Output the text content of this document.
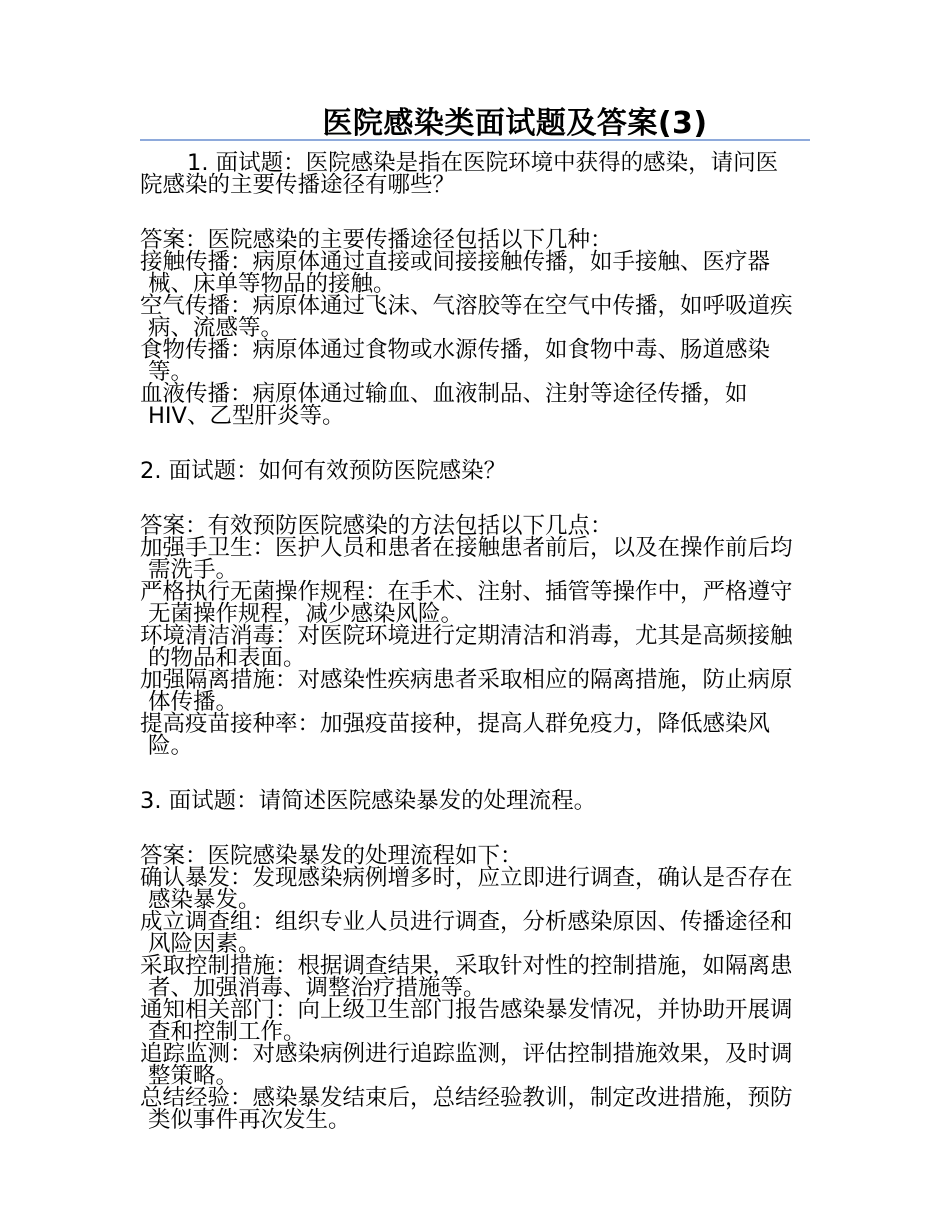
医院感染类面试题及答案(3)

1. 面试题：医院感染是指在医院环境中获得的感染，请问医院感染的主要传播途径有哪些？

答案：医院感染的主要传播途径包括以下几种：

接触传播：病原体通过直接或间接接触传播，如手接触、医疗器械、床单等物品的接触。

空气传播：病原体通过飞沫、气溶胶等在空气中传播，如呼吸道疾病、流感等。

食物传播：病原体通过食物或水源传播，如食物中毒、肠道感染等。

血液传播：病原体通过输血、血液制品、注射等途径传播，如 HIV、乙型肝炎等。

2. 面试题：如何有效预防医院感染？

答案：有效预防医院感染的方法包括以下几点：

加强手卫生：医护人员和患者在接触患者前后，以及在操作前后均需洗手。

严格执行无菌操作规程：在手术、注射、插管等操作中，严格遵守无菌操作规程，减少感染风险。

环境清洁消毒：对医院环境进行定期清洁和消毒，尤其是高频接触的物品和表面。

加强隔离措施：对感染性疾病患者采取相应的隔离措施，防止病原体传播。

提高疫苗接种率：加强疫苗接种，提高人群免疫力，降低感染风险。

3. 面试题：请简述医院感染暴发的处理流程。

答案：医院感染暴发的处理流程如下：

确认暴发：发现感染病例增多时，应立即进行调查，确认是否存在感染暴发。

成立调查组：组织专业人员进行调查，分析感染原因、传播途径和风险因素。

采取控制措施：根据调查结果，采取针对性的控制措施，如隔离患者、加强消毒、调整治疗措施等。

通知相关部门：向上级卫生部门报告感染暴发情况，并协助开展调查和控制工作。

追踪监测：对感染病例进行追踪监测，评估控制措施效果，及时调整策略。

总结经验：感染暴发结束后，总结经验教训，制定改进措施，预防类似事件再次发生。
